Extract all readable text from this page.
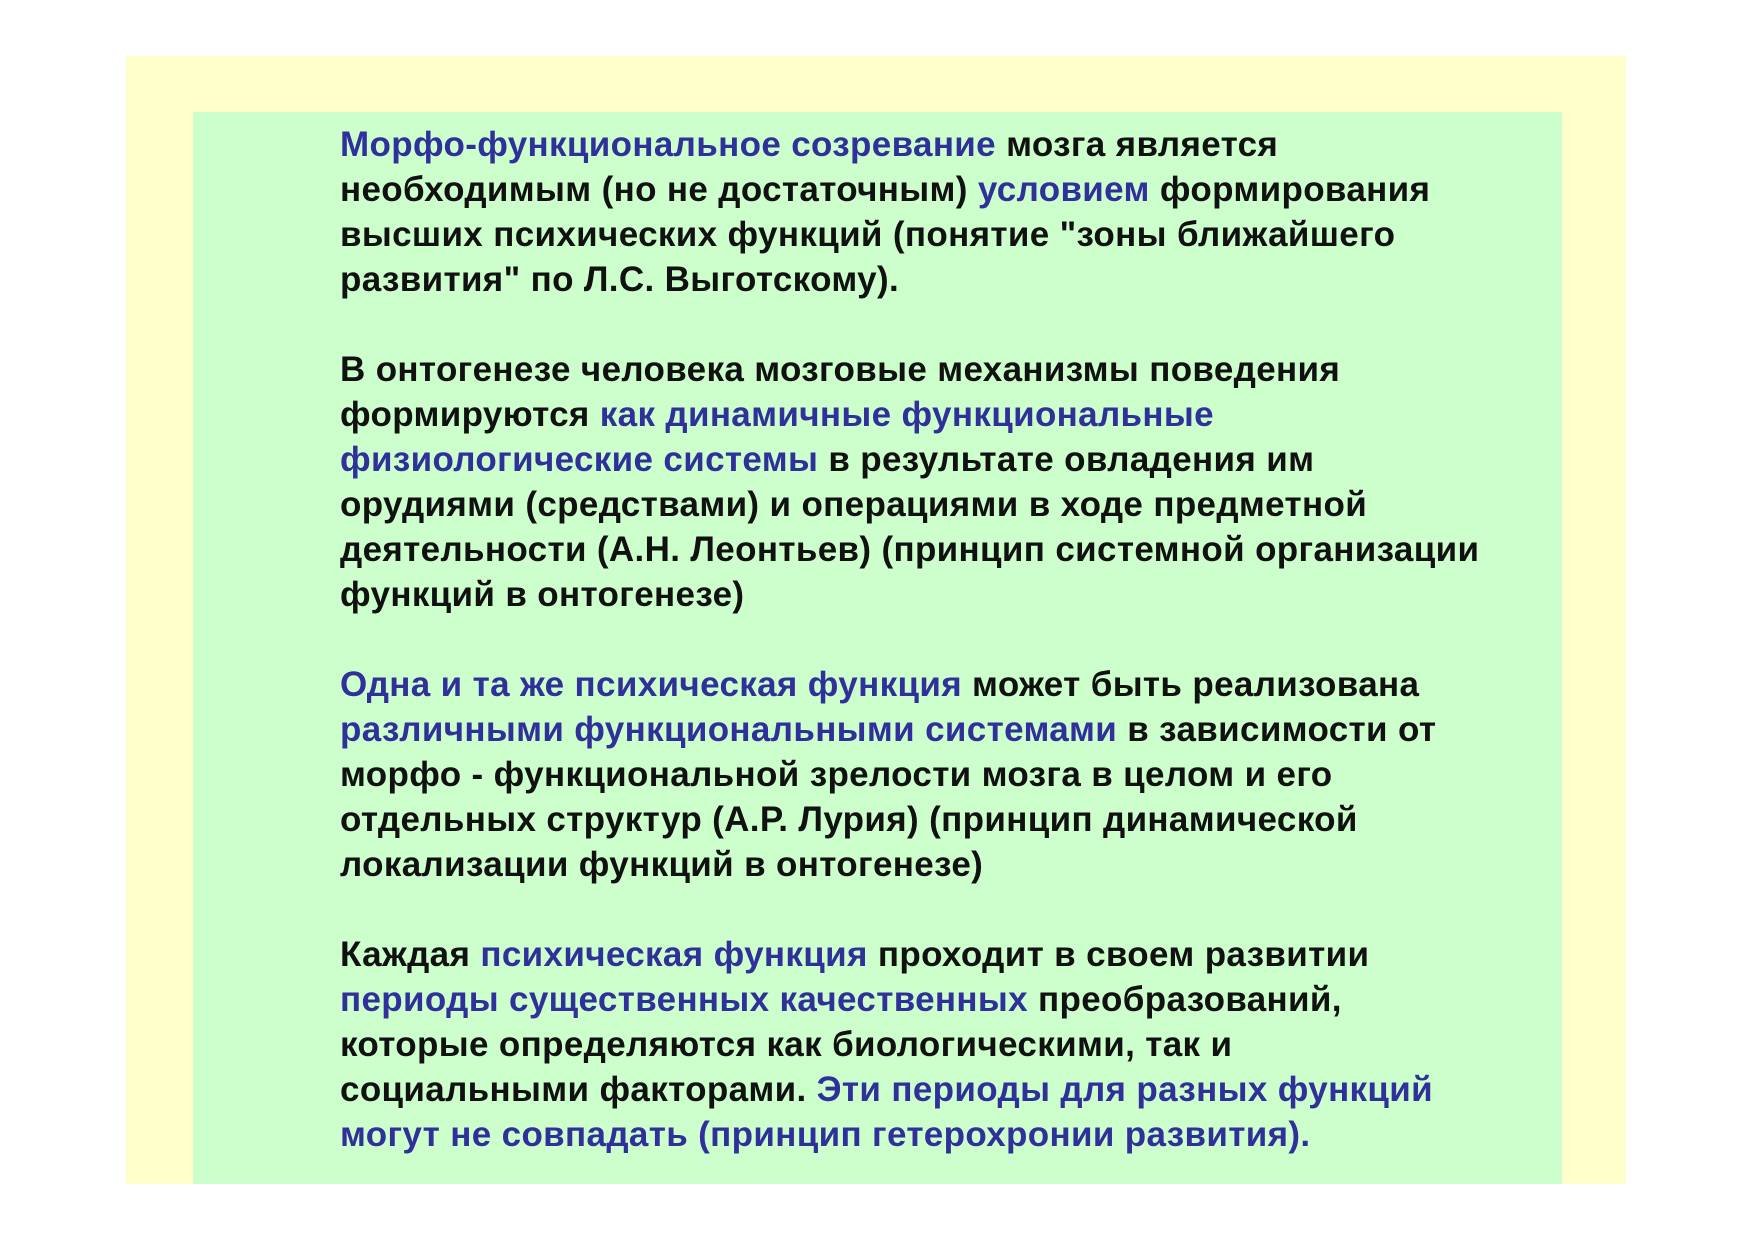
Морфо-функциональное созревание мозга является
необходимым (но не достаточным) условием формирования
высших психических функций (понятие "зоны ближайшего
развития" по Л.С. Выготскому).

В онтогенезе человека мозговые механизмы поведения
формируются как динамичные функциональные
физиологические системы в результате овладения им
орудиями (средствами) и операциями в ходе предметной
деятельности (А.Н. Леонтьев) (принцип системной организации
функций в онтогенезе)

Одна и та же психическая функция может быть реализована
различными функциональными системами в зависимости от
морфо - функциональной зрелости мозга в целом и его
отдельных структур (А.Р. Лурия) (принцип динамической
локализации функций в онтогенезе)

Каждая психическая функция проходит в своем развитии
периоды существенных качественных преобразований,
которые определяются как биологическими, так и
социальными факторами. Эти периоды для разных функций
могут не совпадать (принцип гетерохронии развития).
